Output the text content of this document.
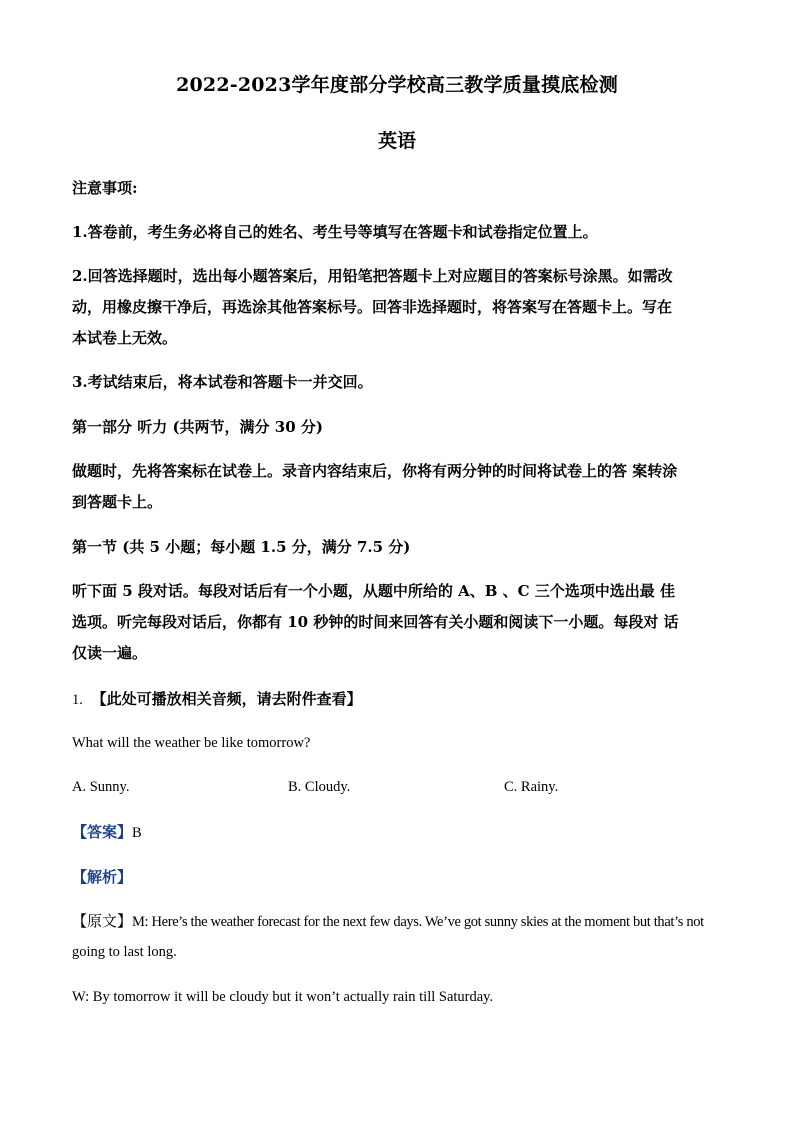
2022-2023学年度部分学校高三教学质量摸底检测
英语
注意事项:
1.答卷前，考生务必将自己的姓名、考生号等填写在答题卡和试卷指定位置上。
2.回答选择题时，选出每小题答案后，用铅笔把答题卡上对应题目的答案标号涂黑。如需改
动，用橡皮擦干净后，再选涂其他答案标号。回答非选择题时，将答案写在答题卡上。写在
本试卷上无效。
3.考试结束后，将本试卷和答题卡一并交回。
第一部分 听力 (共两节，满分 30 分)
做题时，先将答案标在试卷上。录音内容结束后，你将有两分钟的时间将试卷上的答 案转涂
到答题卡上。
第一节 (共 5 小题；每小题 1.5 分，满分 7.5 分)
听下面 5 段对话。每段对话后有一个小题，从题中所给的 A、B 、C 三个选项中选出最 佳
选项。听完每段对话后，你都有 10 秒钟的时间来回答有关小题和阅读下一小题。每段对 话
仅读一遍。
1. 【此处可播放相关音频，请去附件查看】
What will the weather be like tomorrow?
A. Sunny.	B. Cloudy.	C. Rainy.
【答案】B
【解析】
【原文】M: Here’s the weather forecast for the next few days. We’ve got sunny skies at the moment but that’s not
going to last long.
W: By tomorrow it will be cloudy but it won’t actually rain till Saturday.
